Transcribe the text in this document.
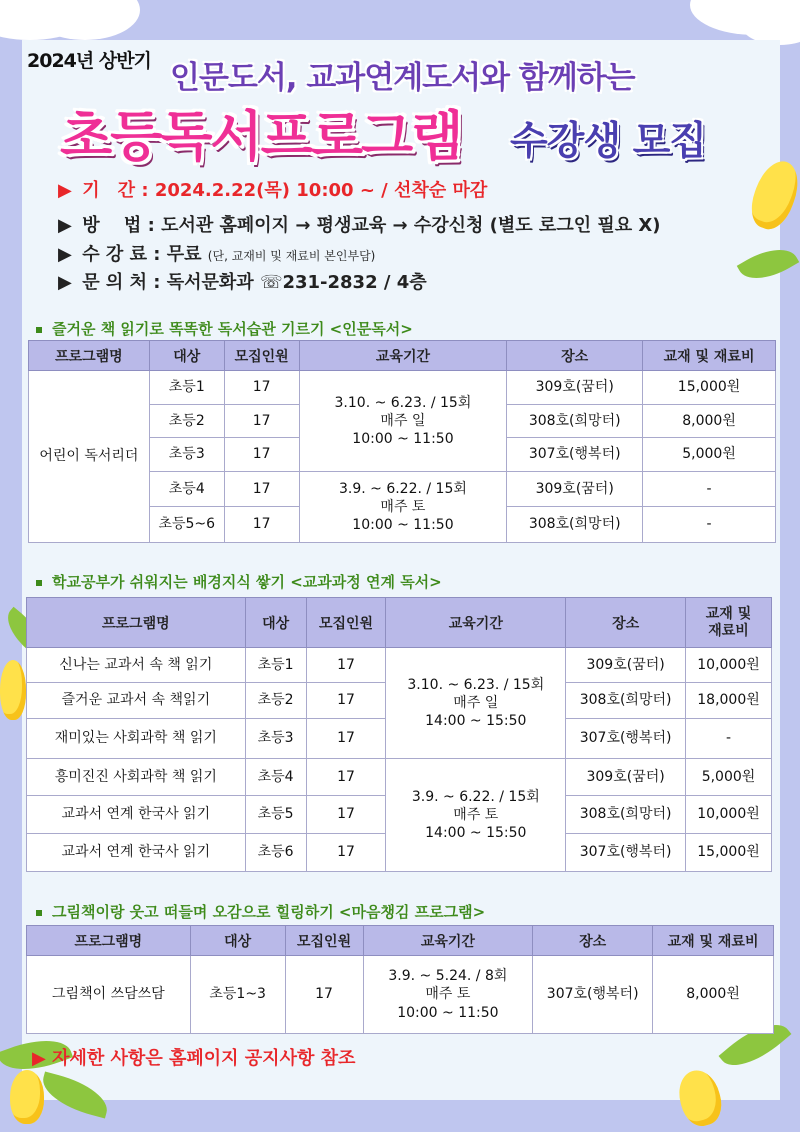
2024년 상반기 인문도서, 교과연계도서와 함께하는
초등독서프로그램 수강생 모집
▶ 기　간 : 2024.2.22(목) 10:00 ~ / 선착순 마감
▶ 방　 법 : 도서관 홈페이지 → 평생교육 → 수강신청 (별도 로그인 필요 X)
▶ 수 강 료 : 무료 (단, 교재비 및 재료비 본인부담)
▶ 문 의 처 : 독서문화과 ☏231-2832 / 4층
즐거운 책 읽기로 똑똑한 독서습관 기르기 <인문독서>
프로그램명	대상	모집인원	교육기간	장소	교재 및 재료비
어린이 독서리더	초등1	17	3.10. ~ 6.23. / 15회
매주 일
10:00 ~ 11:50	309호(꿈터)	15,000원
	초등2	17		308호(희망터)	8,000원
	초등3	17		307호(행복터)	5,000원
	초등4	17	3.9. ~ 6.22. / 15회
매주 토
10:00 ~ 11:50	309호(꿈터)	-
	초등5~6	17		308호(희망터)	-
학교공부가 쉬워지는 배경지식 쌓기 <교과과정 연계 독서>
프로그램명	대상	모집인원	교육기간	장소	교재 및
재료비
신나는 교과서 속 책 읽기	초등1	17	3.10. ~ 6.23. / 15회
매주 일
14:00 ~ 15:50	309호(꿈터)	10,000원
즐거운 교과서 속 책읽기	초등2	17		308호(희망터)	18,000원
재미있는 사회과학 책 읽기	초등3	17		307호(행복터)	-
흥미진진 사회과학 책 읽기	초등4	17	3.9. ~ 6.22. / 15회
매주 토
14:00 ~ 15:50	309호(꿈터)	5,000원
교과서 연계 한국사 읽기	초등5	17		308호(희망터)	10,000원
교과서 연계 한국사 읽기	초등6	17		307호(행복터)	15,000원
그림책이랑 웃고 떠들며 오감으로 힐링하기 <마음챙김 프로그램>
프로그램명	대상	모집인원	교육기간	장소	교재 및 재료비
그림책이 쓰담쓰담	초등1~3	17	3.9. ~ 5.24. / 8회
매주 토
10:00 ~ 11:50	307호(행복터)	8,000원
▶ 자세한 사항은 홈페이지 공지사항 참조
